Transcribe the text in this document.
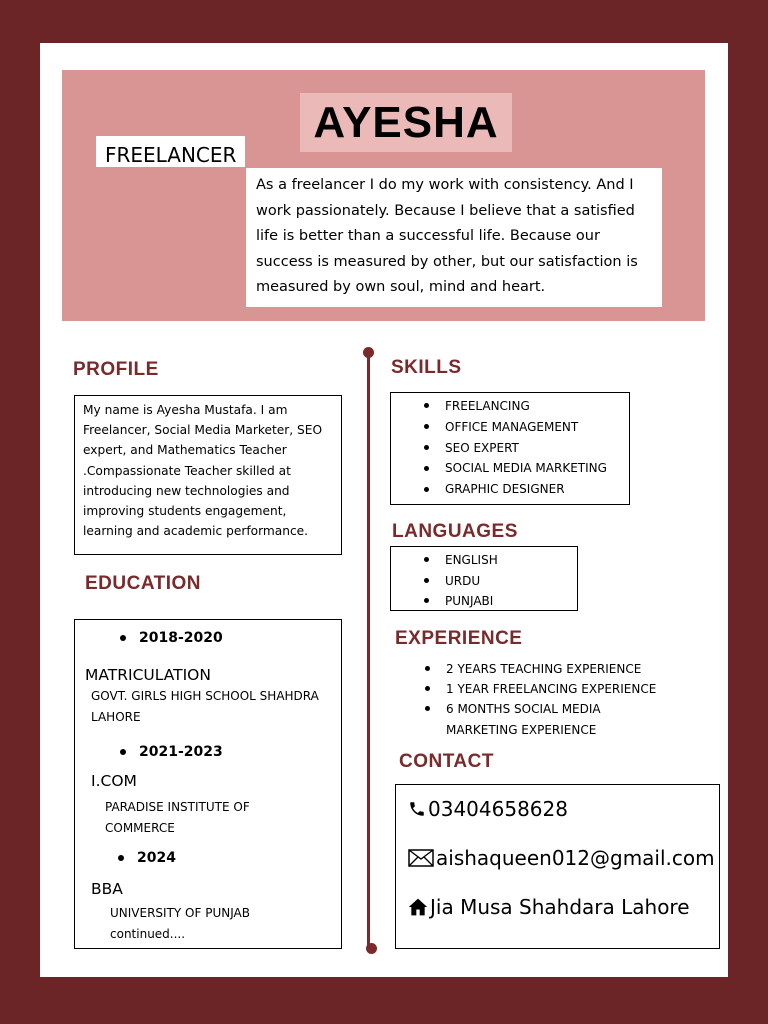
AYESHA
FREELANCER
As a freelancer I do my work with consistency. And I work passionately. Because I believe that a satisfied life is better than a successful life. Because our success is measured by other, but our satisfaction is measured by own soul, mind and heart.
PROFILE
My name is Ayesha Mustafa. I am Freelancer, Social Media Marketer, SEO expert, and Mathematics Teacher .Compassionate Teacher skilled at introducing new technologies and improving students engagement, learning and academic performance.
EDUCATION
2018-2020
MATRICULATION
GOVT. GIRLS HIGH SCHOOL SHAHDRA
LAHORE
2021-2023
I.COM
PARADISE INSTITUTE OF
COMMERCE
2024
BBA
UNIVERSITY OF PUNJAB
continued....
SKILLS
FREELANCING
OFFICE MANAGEMENT
SEO EXPERT
SOCIAL MEDIA MARKETING
GRAPHIC DESIGNER
LANGUAGES
ENGLISH
URDU
PUNJABI
EXPERIENCE
2 YEARS TEACHING EXPERIENCE
1 YEAR FREELANCING EXPERIENCE
6 MONTHS SOCIAL MEDIA
MARKETING EXPERIENCE
CONTACT
03404658628
aishaqueen012@gmail.com
Jia Musa Shahdara Lahore
